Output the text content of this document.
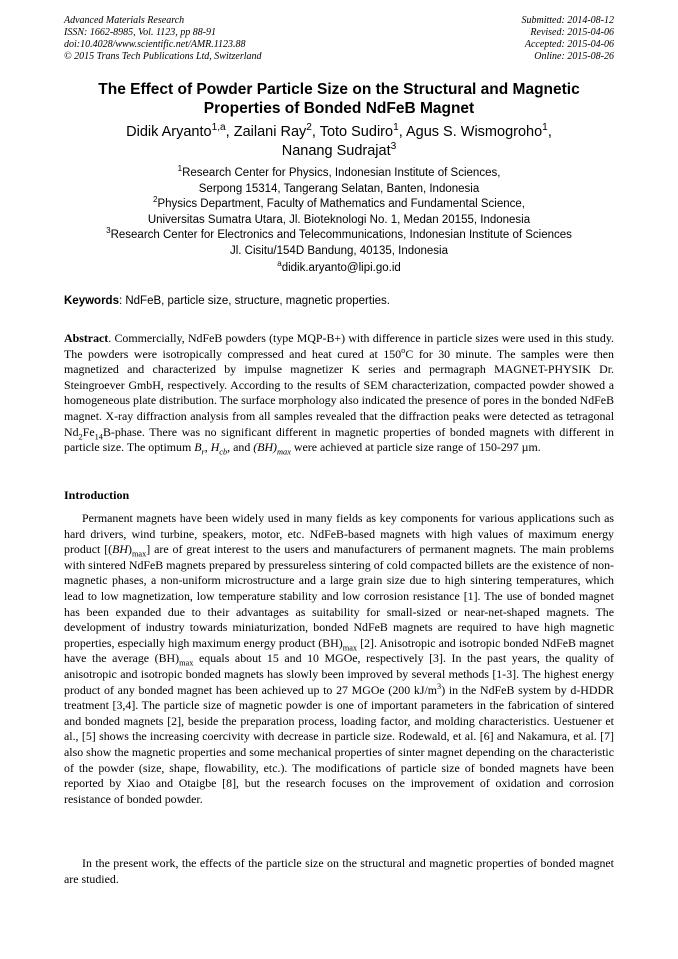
Advanced Materials Research
ISSN: 1662-8985, Vol. 1123, pp 88-91
doi:10.4028/www.scientific.net/AMR.1123.88
© 2015 Trans Tech Publications Ltd, Switzerland
Submitted: 2014-08-12
Revised: 2015-04-06
Accepted: 2015-04-06
Online: 2015-08-26
The Effect of Powder Particle Size on the Structural and Magnetic
Properties of Bonded NdFeB Magnet
Didik Aryanto$^{1,a}$, Zailani Ray$^2$, Toto Sudiro$^1$, Agus S. Wismogroho$^1$,
Nanang Sudrajat$^3$
$^1$Research Center for Physics, Indonesian Institute of Sciences,
Serpong 15314, Tangerang Selatan, Banten, Indonesia
$^2$Physics Department, Faculty of Mathematics and Fundamental Science,
Universitas Sumatra Utara, Jl. Bioteknologi No. 1, Medan 20155, Indonesia
$^3$Research Center for Electronics and Telecommunications, Indonesian Institute of Sciences
Jl. Cisitu/154D Bandung, 40135, Indonesia
$^a$didik.aryanto@lipi.go.id
Keywords: NdFeB, particle size, structure, magnetic properties.
Abstract. Commercially, NdFeB powders (type MQP-B+) with difference in particle sizes were used in this study. The powders were isotropically compressed and heat cured at 150$^o$C for 30 minute. The samples were then magnetized and characterized by impulse magnetizer K series and permagraph MAGNET-PHYSIK Dr. Steingroever GmbH, respectively. According to the results of SEM characterization, compacted powder showed a homogeneous plate distribution. The surface morphology also indicated the presence of pores in the bonded NdFeB magnet. X-ray diffraction analysis from all samples revealed that the diffraction peaks were detected as tetragonal $Nd_2Fe_{14}B$-phase. There was no significant different in magnetic properties of bonded magnets with different in particle size. The optimum $B_r$, $H_{cb}$, and $(BH)_{max}$ were achieved at particle size range of 150-297 µm.
Introduction
Permanent magnets have been widely used in many fields as key components for various applications such as hard drivers, wind turbine, speakers, motor, etc. NdFeB-based magnets with high values of maximum energy product $[(BH)_{max}]$ are of great interest to the users and manufacturers of permanent magnets. The main problems with sintered NdFeB magnets prepared by pressureless sintering of cold compacted billets are the existence of non-magnetic phases, a non-uniform microstructure and a large grain size due to high sintering temperatures, which lead to low magnetization, low temperature stability and low corrosion resistance [1]. The use of bonded magnet has been expanded due to their advantages as suitability for small-sized or near-net-shaped magnets. The development of industry towards miniaturization, bonded NdFeB magnets are required to have high magnetic properties, especially high maximum energy product $(BH)_{max}$ [2]. Anisotropic and isotropic bonded NdFeB magnet have the average $(BH)_{max}$ equals about 15 and 10 MGOe, respectively [3]. In the past years, the quality of anisotropic and isotropic bonded magnets has slowly been improved by several methods [1-3]. The highest energy product of any bonded magnet has been achieved up to 27 MGOe (200 $kJ/m^3$) in the NdFeB system by d-HDDR treatment [3,4]. The particle size of magnetic powder is one of important parameters in the fabrication of sintered and bonded magnets [2], beside the preparation process, loading factor, and molding characteristics. Uestuener et al., [5] shows the increasing coercivity with decrease in particle size. Rodewald, et al. [6] and Nakamura, et al. [7] also show the magnetic properties and some mechanical properties of sinter magnet depending on the characteristic of the powder (size, shape, flowability, etc.). The modifications of particle size of bonded magnets have been reported by Xiao and Otaigbe [8], but the research focuses on the improvement of oxidation and corrosion resistance of bonded powder.
In the present work, the effects of the particle size on the structural and magnetic properties of bonded magnet are studied.
